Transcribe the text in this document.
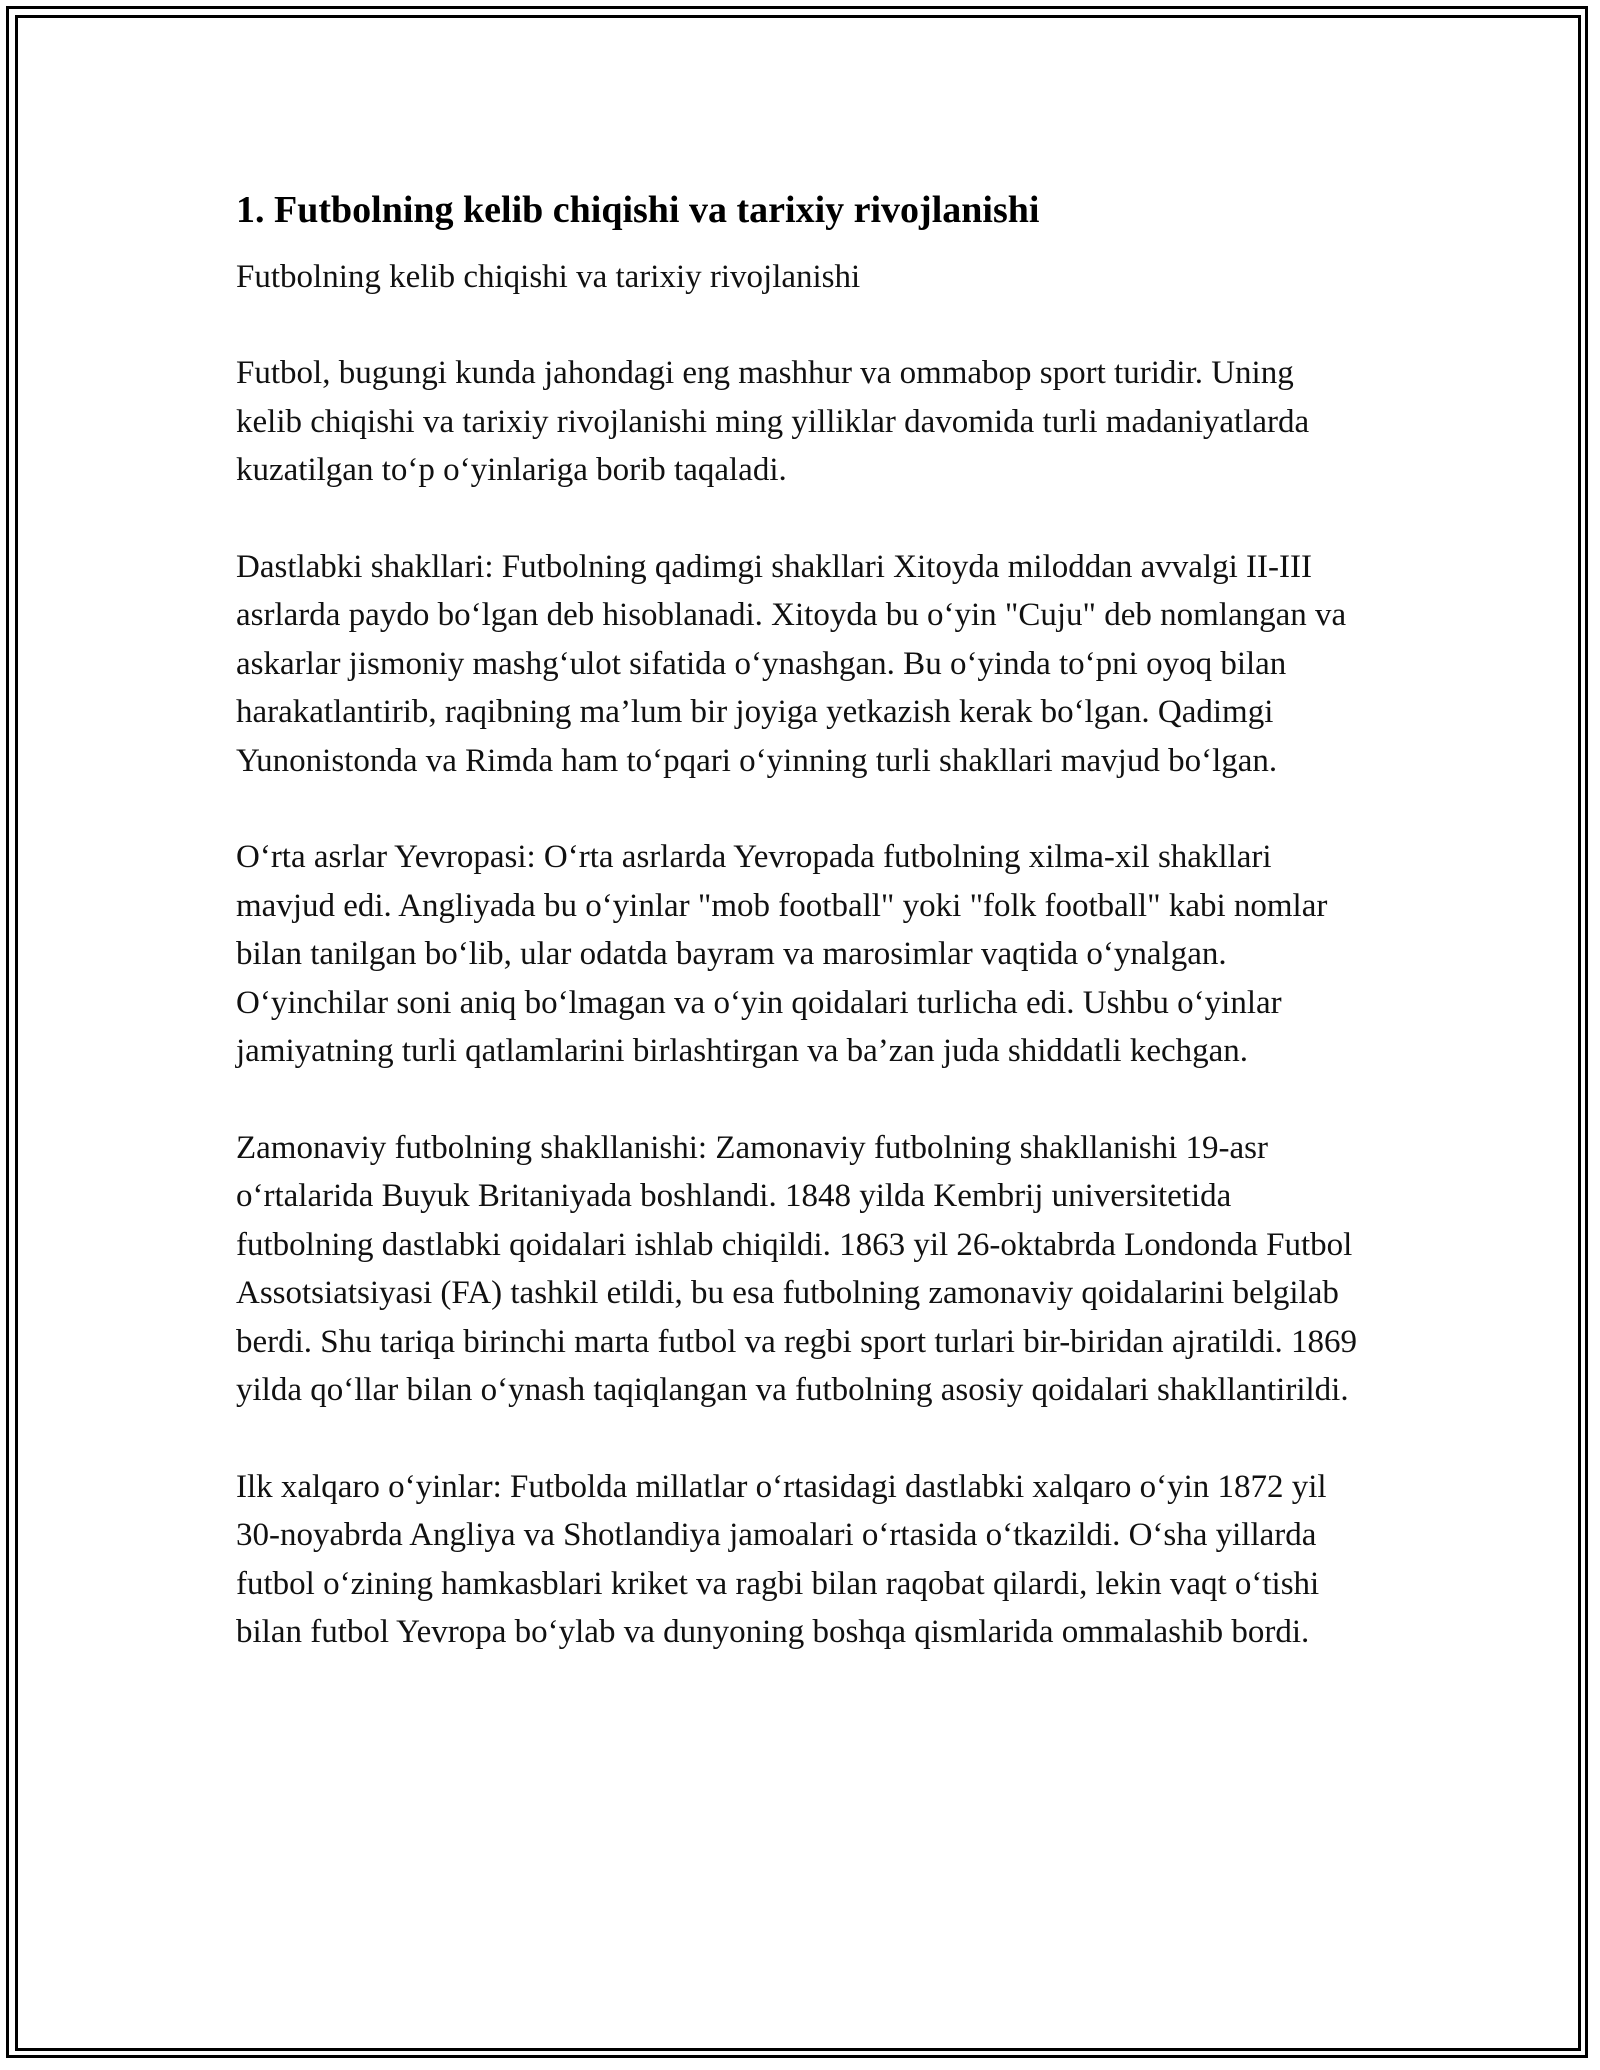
1. Futbolning kelib chiqishi va tarixiy rivojlanishi

Futbolning kelib chiqishi va tarixiy rivojlanishi

Futbol, bugungi kunda jahondagi eng mashhur va ommabop sport turidir. Uning kelib chiqishi va tarixiy rivojlanishi ming yilliklar davomida turli madaniyatlarda kuzatilgan to‘p o‘yinlariga borib taqaladi.

Dastlabki shakllari: Futbolning qadimgi shakllari Xitoyda miloddan avvalgi II-III asrlarda paydo bo‘lgan deb hisoblanadi. Xitoyda bu o‘yin "Cuju" deb nomlangan va askarlar jismoniy mashg‘ulot sifatida o‘ynashgan. Bu o‘yinda to‘pni oyoq bilan harakatlantirib, raqibning ma’lum bir joyiga yetkazish kerak bo‘lgan. Qadimgi Yunonistonda va Rimda ham to‘pqari o‘yinning turli shakllari mavjud bo‘lgan.

O‘rta asrlar Yevropasi: O‘rta asrlarda Yevropada futbolning xilma-xil shakllari mavjud edi. Angliyada bu o‘yinlar "mob football" yoki "folk football" kabi nomlar bilan tanilgan bo‘lib, ular odatda bayram va marosimlar vaqtida o‘ynalgan. O‘yinchilar soni aniq bo‘lmagan va o‘yin qoidalari turlicha edi. Ushbu o‘yinlar jamiyatning turli qatlamlarini birlashtirgan va ba’zan juda shiddatli kechgan.

Zamonaviy futbolning shakllanishi: Zamonaviy futbolning shakllanishi 19-asr o‘rtalarida Buyuk Britaniyada boshlandi. 1848 yilda Kembrij universitetida futbolning dastlabki qoidalari ishlab chiqildi. 1863 yil 26-oktabrda Londonda Futbol Assotsiatsiyasi (FA) tashkil etildi, bu esa futbolning zamonaviy qoidalarini belgilab berdi. Shu tariqa birinchi marta futbol va regbi sport turlari bir-biridan ajratildi. 1869 yilda qo‘llar bilan o‘ynash taqiqlangan va futbolning asosiy qoidalari shakllantirildi.

Ilk xalqaro o‘yinlar: Futbolda millatlar o‘rtasidagi dastlabki xalqaro o‘yin 1872 yil 30-noyabrda Angliya va Shotlandiya jamoalari o‘rtasida o‘tkazildi. O‘sha yillarda futbol o‘zining hamkasblari kriket va ragbi bilan raqobat qilardi, lekin vaqt o‘tishi bilan futbol Yevropa bo‘ylab va dunyoning boshqa qismlarida ommalashib bordi.
